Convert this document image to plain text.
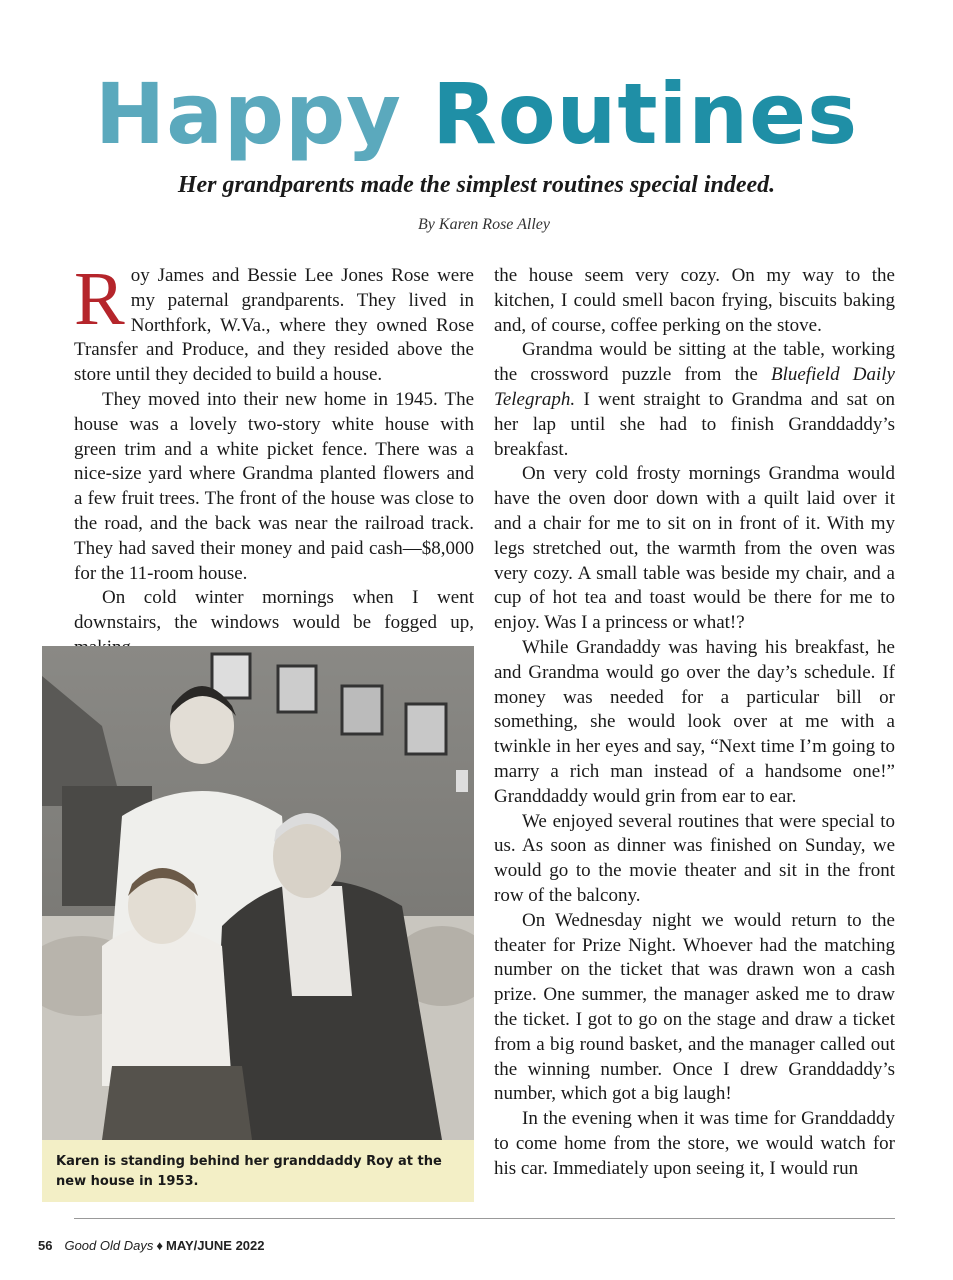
Happy Routines
Her grandparents made the simplest routines special indeed.
By Karen Rose Alley

Roy James and Bessie Lee Jones Rose were my paternal grandparents. They lived in Northfork, W.Va., where they owned Rose Transfer and Produce, and they resided above the store until they decided to build a house.

They moved into their new home in 1945. The house was a lovely two-story white house with green trim and a white picket fence. There was a nice-size yard where Grandma planted flowers and a few fruit trees. The front of the house was close to the road, and the back was near the railroad track. They had saved their money and paid cash—$8,000 for the 11-room house.

On cold winter mornings when I went downstairs, the windows would be fogged up,

Karen is standing behind her granddaddy Roy at the new house in 1953.

the house seem very cozy. On my way to the kitchen, I could smell bacon frying, biscuits baking and, of course, coffee perking on the stove.

Grandma would be sitting at the table, working the crossword puzzle from the Bluefield Daily Telegraph. I went straight to Grandma and sat on her lap until she had to finish Granddaddy’s breakfast.

On very cold frosty mornings Grandma would have the oven door down with a quilt laid over it and a chair for me to sit on in front of it. With my legs stretched out, the warmth from the oven was very cozy. A small table was beside my chair, and a cup of hot tea and toast would be there for me to enjoy. Was I a princess or what!?

While Grandaddy was having his breakfast, he and Grandma would go over the day’s schedule. If money was needed for a particular bill or something, she would look over at me with a twinkle in her eyes and say, “Next time I’m going to marry a rich man instead of a handsome one!” Granddaddy would grin from ear to ear.

We enjoyed several routines that were special to us. As soon as dinner was finished on Sunday, we would go to the movie theater and sit in the front row of the balcony.

On Wednesday night we would return to the theater for Prize Night. Whoever had the matching number on the ticket that was drawn won a cash prize. One summer, the manager asked me to draw the ticket. I got to go on the stage and draw a ticket from a big round basket, and the manager called out the winning number. Once I drew Granddaddy’s number, which got a big laugh!

In the evening when it was time for Granddaddy to come home from the store, we would watch for his car. Immediately upon seeing it, I would run

56 Good Old Days ♦ MAY/JUNE 2022
